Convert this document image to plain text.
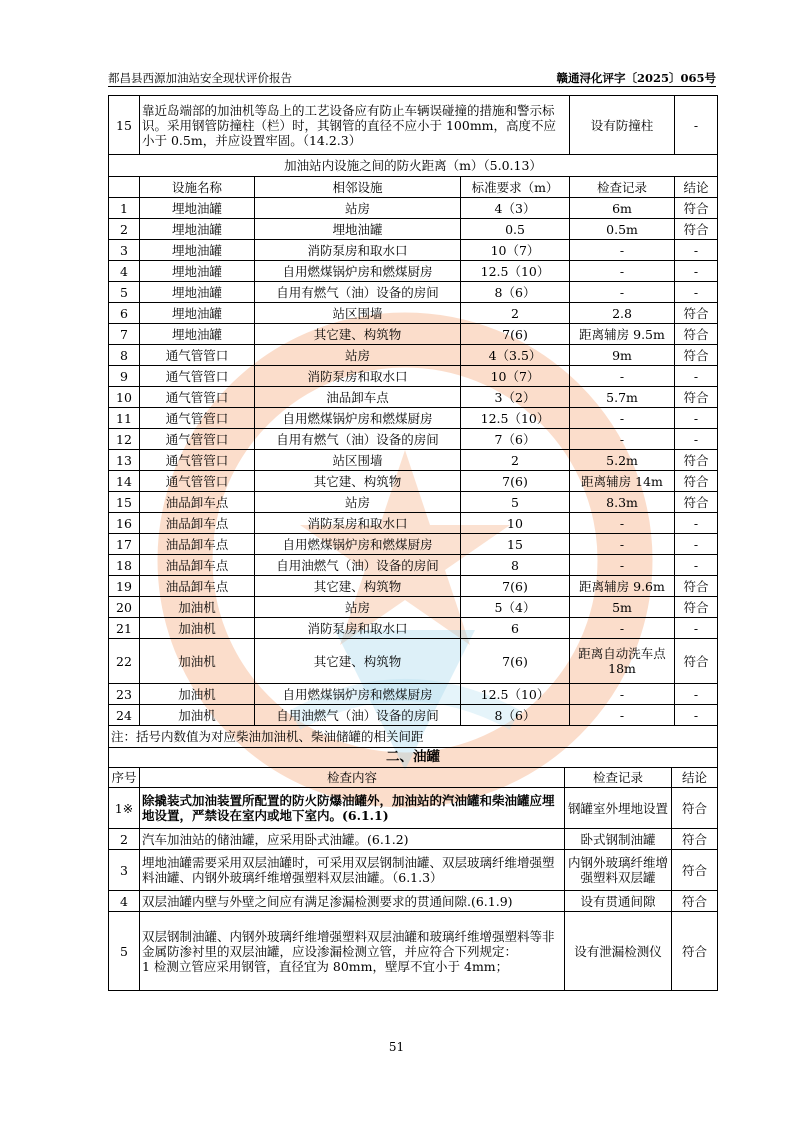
都昌县西源加油站安全现状评价报告	赣通浔化评字〔2025〕065号
15	靠近岛端部的加油机等岛上的工艺设备应有防止车辆误碰撞的措施和警示标识。采用钢管防撞柱（栏）时，其钢管的直径不应小于 100mm，高度不应小于 0.5m，并应设置牢固。（14.2.3）			设有防撞柱	-
加油站内设施之间的防火距离（m）（5.0.13）					
	设施名称	相邻设施	标准要求（m）	检查记录	结论
1	埋地油罐	站房	4（3）	6m	符合
2	埋地油罐	埋地油罐	0.5	0.5m	符合
3	埋地油罐	消防泵房和取水口	10（7）	-	-
4	埋地油罐	自用燃煤锅炉房和燃煤厨房	12.5（10）	-	-
5	埋地油罐	自用有燃气（油）设备的房间	8（6）	-	-
6	埋地油罐	站区围墙	2	2.8	符合
7	埋地油罐	其它建、构筑物	7(6)	距离辅房 9.5m	符合
8	通气管管口	站房	4（3.5）	9m	符合
9	通气管管口	消防泵房和取水口	10（7）	-	-
10	通气管管口	油品卸车点	3（2）	5.7m	符合
11	通气管管口	自用燃煤锅炉房和燃煤厨房	12.5（10）	-	-
12	通气管管口	自用有燃气（油）设备的房间	7（6）	-	-
13	通气管管口	站区围墙	2	5.2m	符合
14	通气管管口	其它建、构筑物	7(6)	距离辅房 14m	符合
15	油品卸车点	站房	5	8.3m	符合
16	油品卸车点	消防泵房和取水口	10	-	-
17	油品卸车点	自用燃煤锅炉房和燃煤厨房	15	-	-
18	油品卸车点	自用油燃气（油）设备的房间	8	-	-
19	油品卸车点	其它建、构筑物	7(6)	距离辅房 9.6m	符合
20	加油机	站房	5（4）	5m	符合
21	加油机	消防泵房和取水口	6	-	-
22	加油机	其它建、构筑物	7(6)	距离自动洗车点 18m	符合
23	加油机	自用燃煤锅炉房和燃煤厨房	12.5（10）	-	-
24	加油机	自用油燃气（油）设备的房间	8（6）	-	-
注：括号内数值为对应柴油加油机、柴油储罐的相关间距					
二、油罐			
序号	检查内容	检查记录	结论
1※	除撬装式加油装置所配置的防火防爆油罐外，加油站的汽油罐和柴油罐应埋地设置，严禁设在室内或地下室内。(6.1.1)	钢罐室外埋地设置	符合
2	汽车加油站的储油罐，应采用卧式油罐。(6.1.2)	卧式钢制油罐	符合
3	埋地油罐需要采用双层油罐时，可采用双层钢制油罐、双层玻璃纤维增强塑料油罐、内钢外玻璃纤维增强塑料双层油罐。（6.1.3）	内钢外玻璃纤维增强塑料双层罐	符合
4	双层油罐内壁与外壁之间应有满足渗漏检测要求的贯通间隙.(6.1.9)	设有贯通间隙	符合
5	双层钢制油罐、内钢外玻璃纤维增强塑料双层油罐和玻璃纤维增强塑料等非金属防渗衬里的双层油罐，应设渗漏检测立管，并应符合下列规定：
1 检测立管应采用钢管，直径宜为 80mm，壁厚不宜小于 4mm；	设有泄漏检测仪	符合
51
